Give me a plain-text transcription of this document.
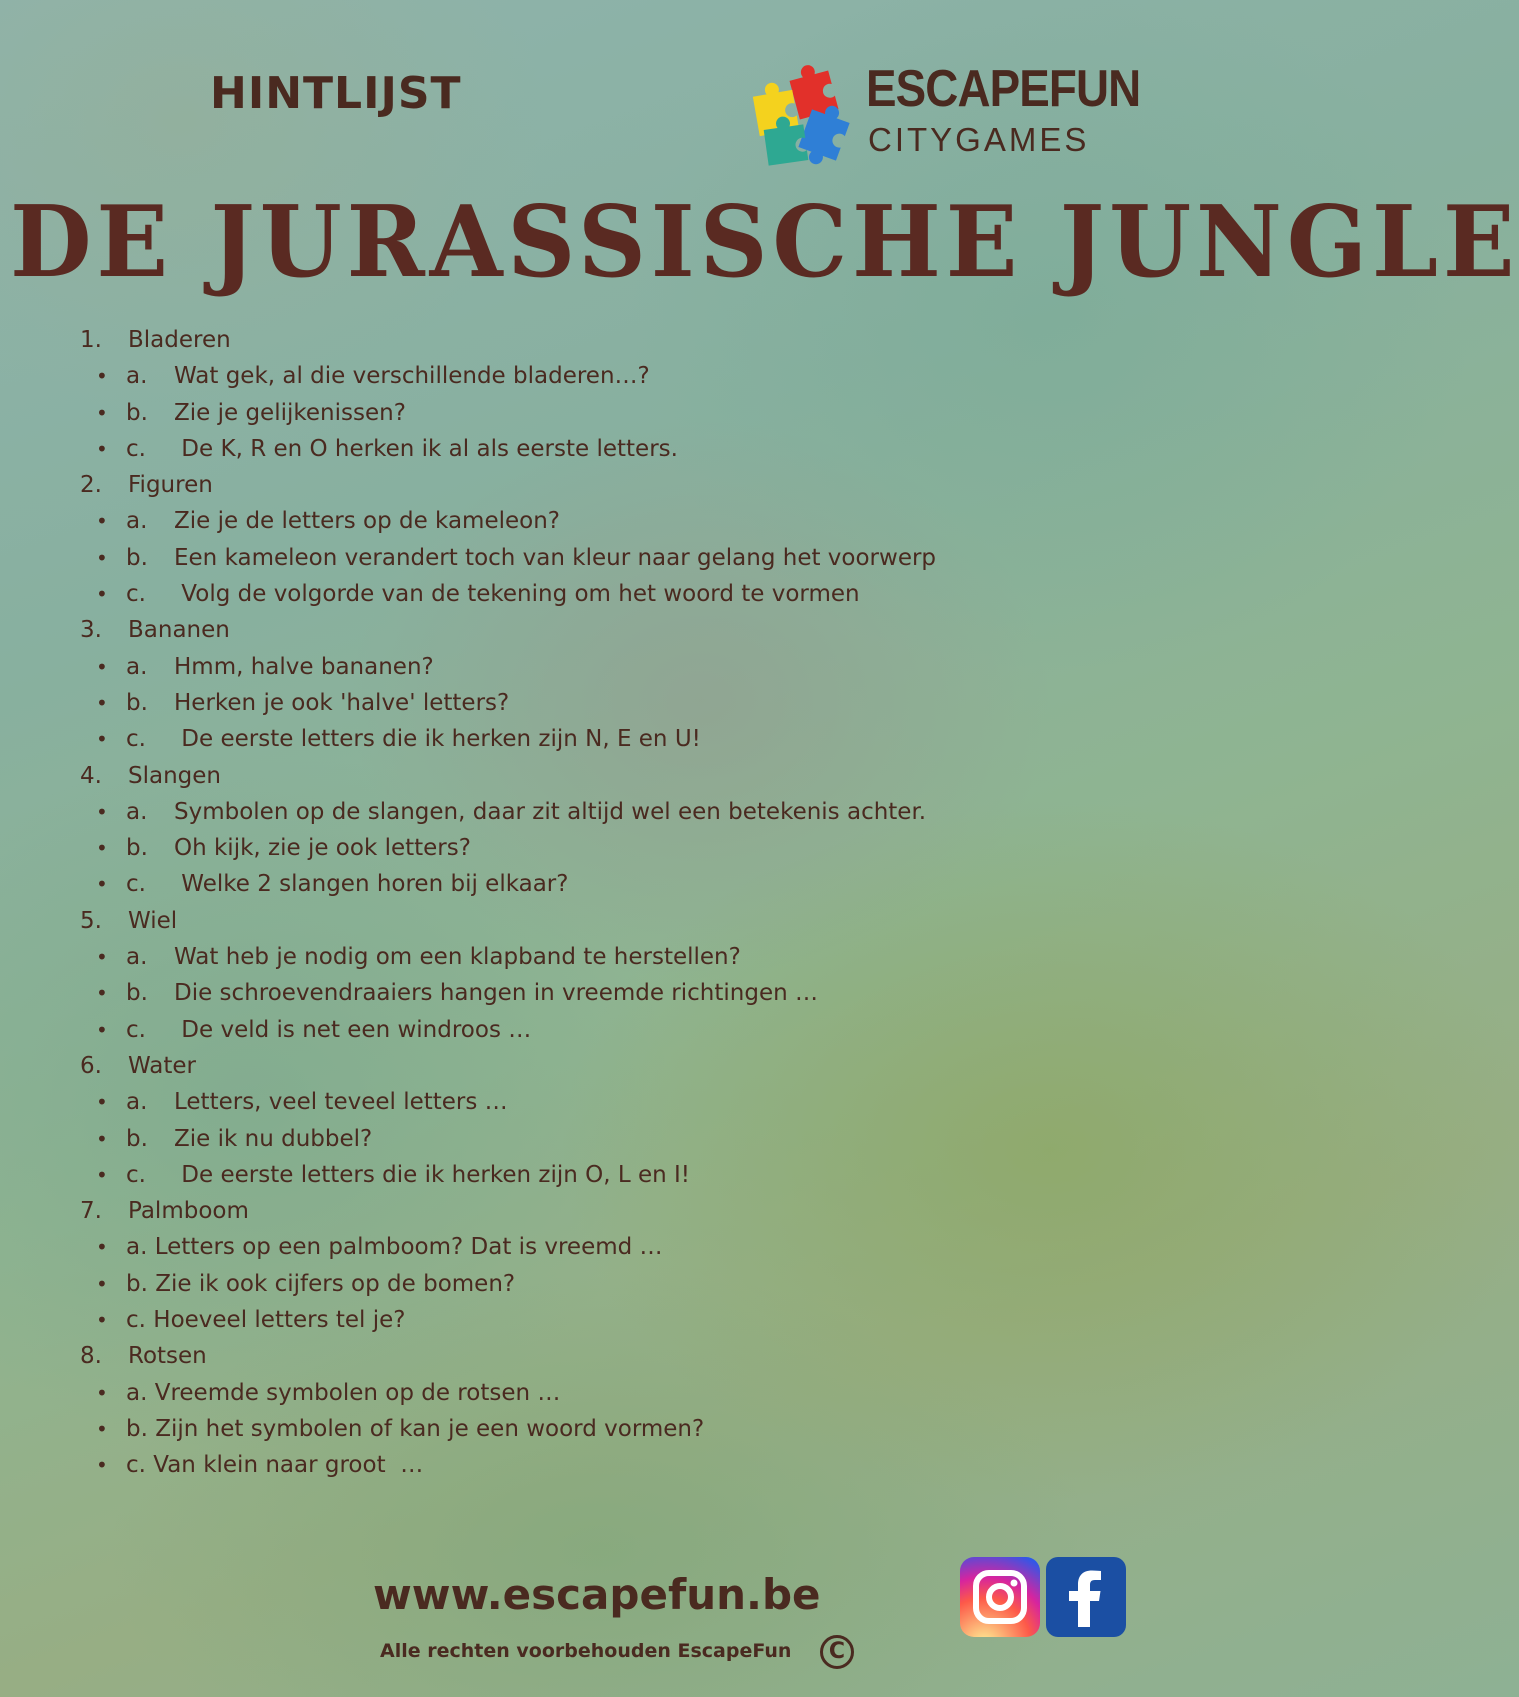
HINTLIJST	ESCAPEFUN
CITYGAMES
DE JURASSISCHE JUNGLE
1. Bladeren
• a. Wat gek, al die verschillende bladeren…?
• b. Zie je gelijkenissen?
• c. De K, R en O herken ik al als eerste letters.
2. Figuren
• a. Zie je de letters op de kameleon?
• b. Een kameleon verandert toch van kleur naar gelang het voorwerp
• c. Volg de volgorde van de tekening om het woord te vormen
3. Bananen
• a. Hmm, halve bananen?
• b. Herken je ook 'halve' letters?
• c. De eerste letters die ik herken zijn N, E en U!
4. Slangen
• a. Symbolen op de slangen, daar zit altijd wel een betekenis achter.
• b. Oh kijk, zie je ook letters?
• c. Welke 2 slangen horen bij elkaar?
5. Wiel
• a. Wat heb je nodig om een klapband te herstellen?
• b. Die schroevendraaiers hangen in vreemde richtingen …
• c. De veld is net een windroos …
6. Water
• a. Letters, veel teveel letters …
• b. Zie ik nu dubbel?
• c. De eerste letters die ik herken zijn O, L en I!
7. Palmboom
• a. Letters op een palmboom? Dat is vreemd …
• b. Zie ik ook cijfers op de bomen?
• c. Hoeveel letters tel je?
8. Rotsen
• a. Vreemde symbolen op de rotsen …
• b. Zijn het symbolen of kan je een woord vormen?
• c. Van klein naar groot  …
www.escapefun.be
Alle rechten voorbehouden EscapeFun	C
